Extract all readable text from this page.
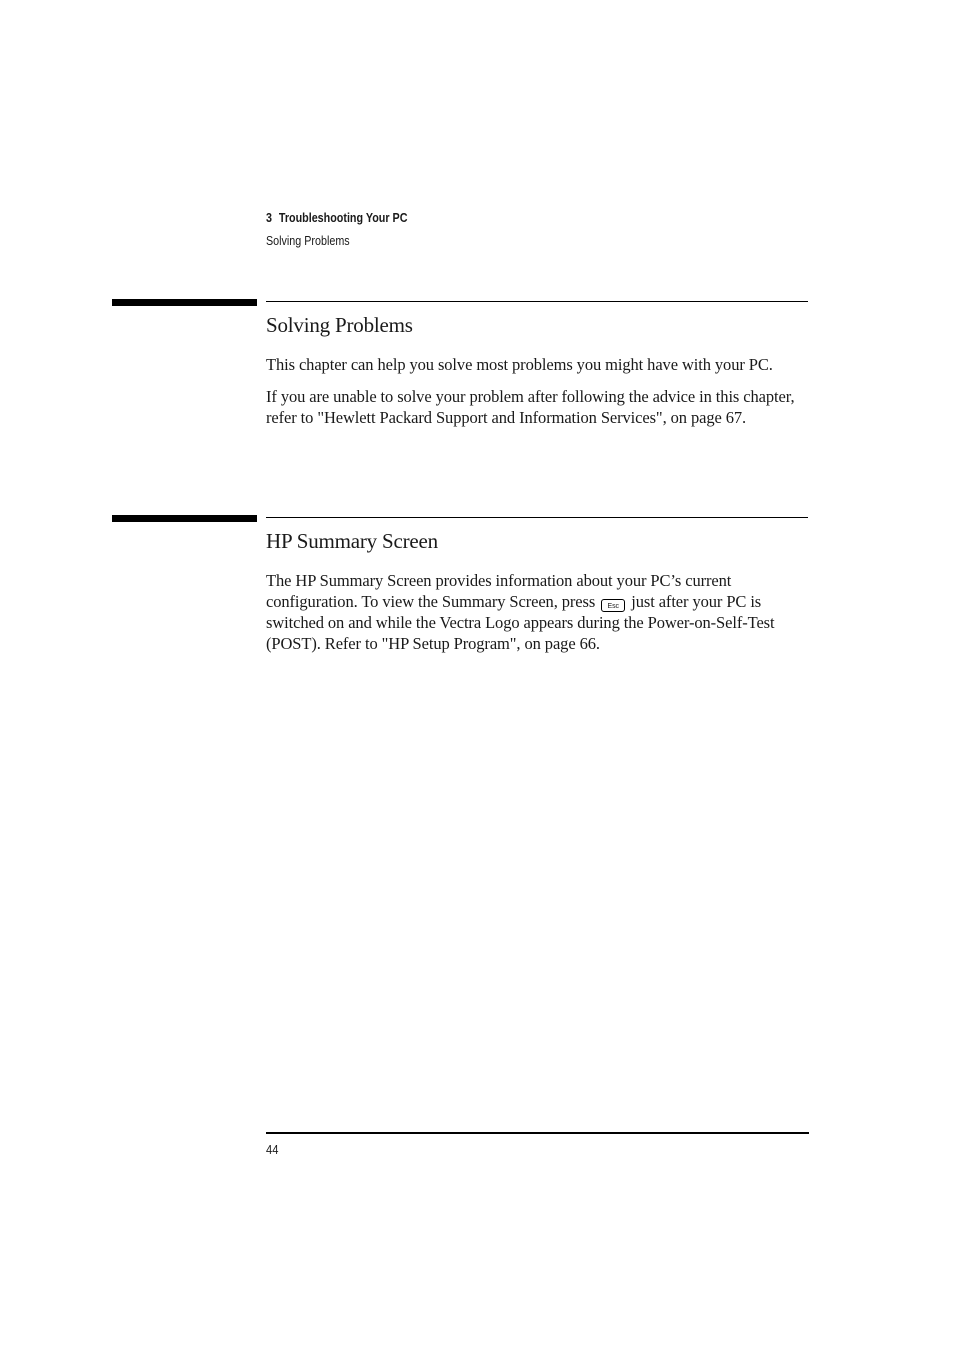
3 Troubleshooting Your PC
Solving Problems
Solving Problems

This chapter can help you solve most problems you might have with your PC.

If you are unable to solve your problem after following the advice in this chapter, refer to "Hewlett Packard Support and Information Services", on page 67.

HP Summary Screen

The HP Summary Screen provides information about your PC’s current configuration. To view the Summary Screen, press Esc just after your PC is switched on and while the Vectra Logo appears during the Power-on-Self-Test (POST). Refer to "HP Setup Program", on page 66.

44
